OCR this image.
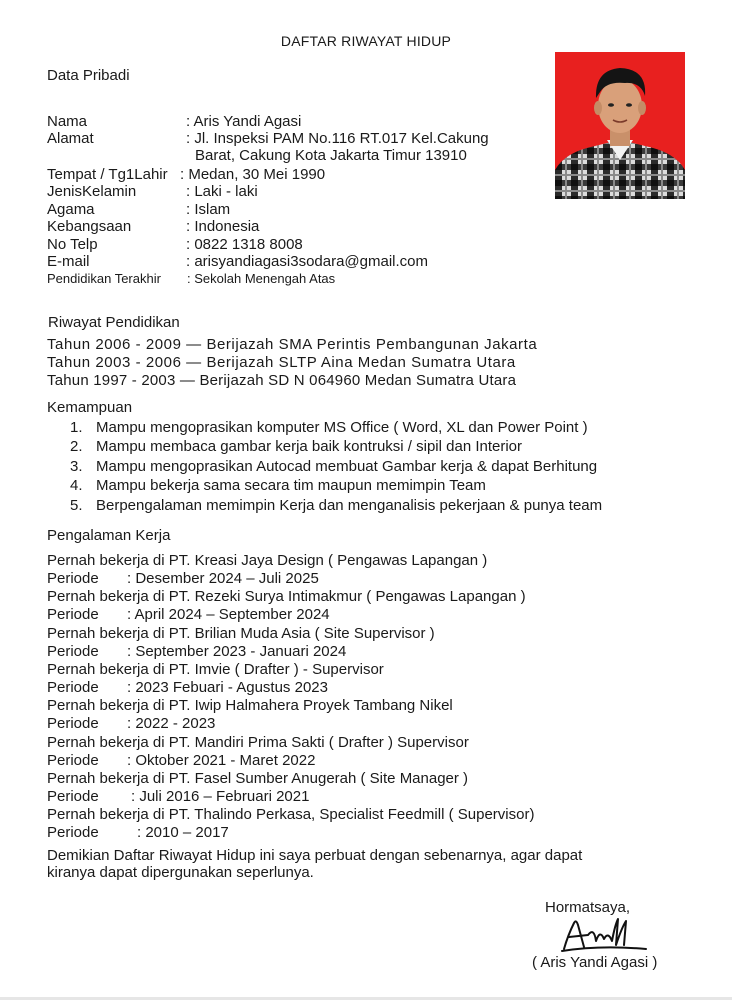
DAFTAR RIWAYAT HIDUP
Data Pribadi
Nama	: Aris Yandi Agasi
Alamat	: Jl. Inspeksi PAM No.116 RT.017 Kel.Cakung
Barat, Cakung Kota Jakarta Timur 13910
Tempat / Tg1Lahir : Medan, 30 Mei 1990
JenisKelamin	: Laki - laki
Agama	: Islam
Kebangsaan	: Indonesia
No Telp	: 0822 1318 8008
E-mail	: arisyandiagasi3sodara@gmail.com
Pendidikan Terakhir : Sekolah Menengah Atas
Riwayat Pendidikan
Tahun 2006 - 2009 — Berijazah SMA Perintis Pembangunan Jakarta
Tahun 2003 - 2006 — Berijazah SLTP Aina Medan Sumatra Utara
Tahun 1997 - 2003 — Berijazah SD N 064960 Medan Sumatra Utara
Kemampuan
1. Mampu mengoprasikan komputer MS Office ( Word, XL dan Power Point )
2. Mampu membaca gambar kerja baik kontruksi / sipil dan Interior
3. Mampu mengoprasikan Autocad membuat Gambar kerja & dapat Berhitung
4. Mampu bekerja sama secara tim maupun memimpin Team
5. Berpengalaman memimpin Kerja dan menganalisis pekerjaan & punya team
Pengalaman Kerja
Pernah bekerja di PT. Kreasi Jaya Design ( Pengawas Lapangan )
Periode : Desember 2024 – Juli 2025
Pernah bekerja di PT. Rezeki Surya Intimakmur ( Pengawas Lapangan )
Periode : April 2024 – September 2024
Pernah bekerja di PT. Brilian Muda Asia ( Site Supervisor )
Periode : September 2023 - Januari 2024
Pernah bekerja di PT. Imvie ( Drafter ) - Supervisor
Periode : 2023 Febuari - Agustus 2023
Pernah bekerja di PT. Iwip Halmahera Proyek Tambang Nikel
Periode : 2022 - 2023
Pernah bekerja di PT. Mandiri Prima Sakti ( Drafter ) Supervisor
Periode : Oktober 2021 - Maret 2022
Pernah bekerja di PT. Fasel Sumber Anugerah ( Site Manager )
Periode : Juli 2016 – Februari 2021
Pernah bekerja di PT. Thalindo Perkasa, Specialist Feedmill ( Supervisor)
Periode	: 2010 – 2017
Demikian Daftar Riwayat Hidup ini saya perbuat dengan sebenarnya, agar dapat
kiranya dapat dipergunakan seperlunya.
Hormatsaya,
( Aris Yandi Agasi )
